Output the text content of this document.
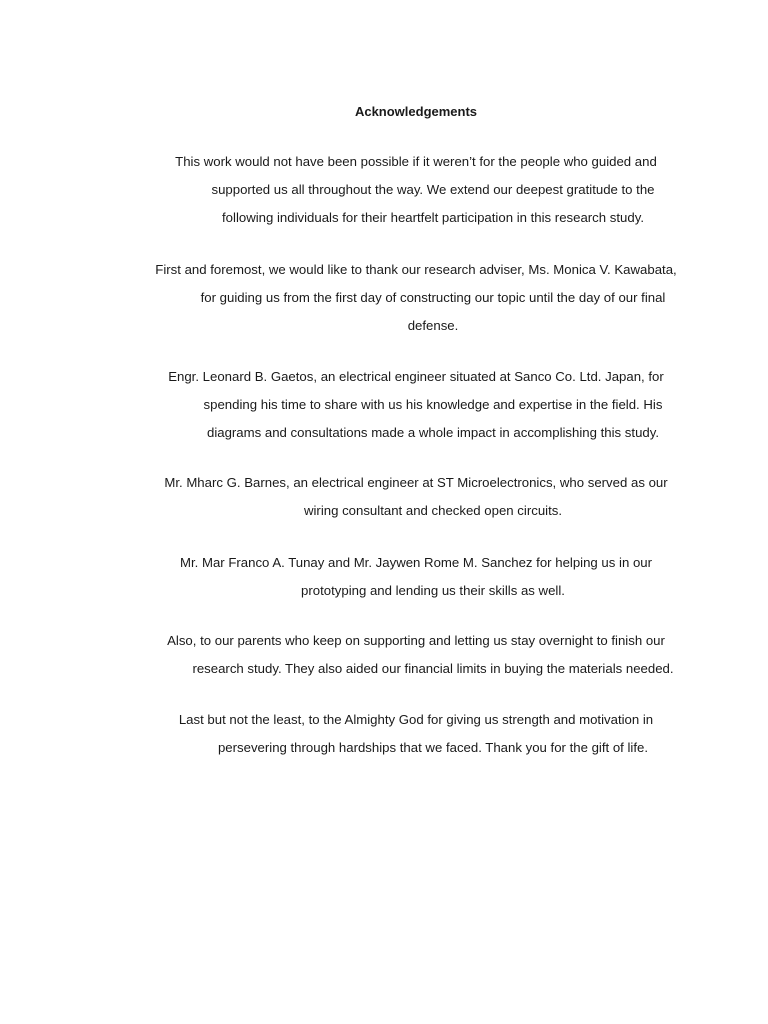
Acknowledgements
This work would not have been possible if it weren’t for the people who guided and
supported us all throughout the way. We extend our deepest gratitude to the
following individuals for their heartfelt participation in this research study.
First and foremost, we would like to thank our research adviser, Ms. Monica V. Kawabata,
for guiding us from the first day of constructing our topic until the day of our final
defense.
Engr. Leonard B. Gaetos, an electrical engineer situated at Sanco Co. Ltd. Japan, for
spending his time to share with us his knowledge and expertise in the field. His
diagrams and consultations made a whole impact in accomplishing this study.
Mr. Mharc G. Barnes, an electrical engineer at ST Microelectronics, who served as our
wiring consultant and checked open circuits.
Mr. Mar Franco A. Tunay and Mr. Jaywen Rome M. Sanchez for helping us in our
prototyping and lending us their skills as well.
Also, to our parents who keep on supporting and letting us stay overnight to finish our
research study. They also aided our financial limits in buying the materials needed.
Last but not the least, to the Almighty God for giving us strength and motivation in
persevering through hardships that we faced. Thank you for the gift of life.
